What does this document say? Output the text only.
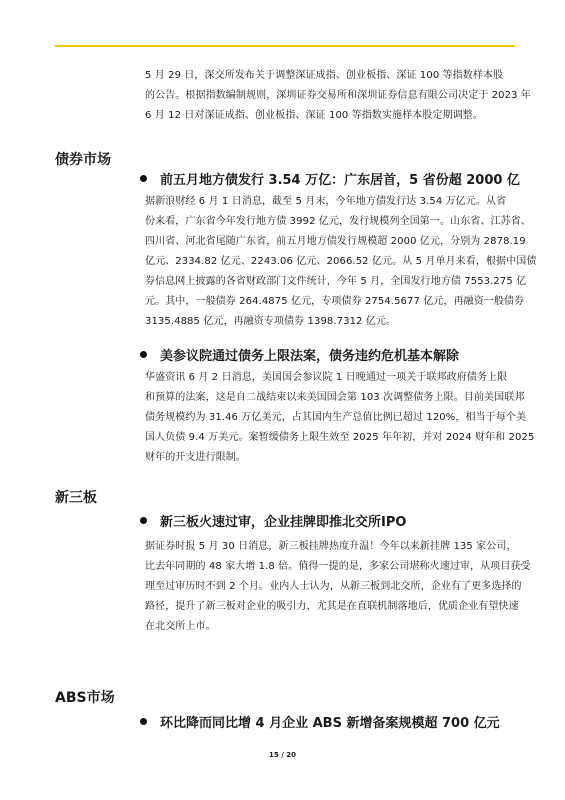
5 月 29 日，深交所发布关于调整深证成指、创业板指、深证 100 等指数样本股
的公告。根据指数编制规则，深圳证券交易所和深圳证券信息有限公司决定于 2023 年
6 月 12 日对深证成指、创业板指、深证 100 等指数实施样本股定期调整。

债券市场
前五月地方债发行 3.54 万亿：广东居首，5 省份超 2000 亿

据新浪财经 6 月 1 日消息，截至 5 月末，今年地方债发行达 3.54 万亿元。从省
份来看，广东省今年发行地方债 3992 亿元，发行规模列全国第一。山东省、江苏省、
四川省、河北省尾随广东省，前五月地方债发行规模超 2000 亿元，分别为 2878.19
亿元、2334.82 亿元、2243.06 亿元、2066.52 亿元。从 5 月单月来看，根据中国债
券信息网上披露的各省财政部门文件统计，今年 5 月，全国发行地方债 7553.275 亿
元。其中，一般债券 264.4875 亿元，专项债券 2754.5677 亿元，再融资一般债券
3135.4885 亿元，再融资专项债券 1398.7312 亿元。

美参议院通过债务上限法案，债务违约危机基本解除

华盛资讯 6 月 2 日消息，美国国会参议院 1 日晚通过一项关于联邦政府债务上限
和预算的法案，这是自二战结束以来美国国会第 103 次调整债务上限。目前美国联邦
债务规模约为 31.46 万亿美元，占其国内生产总值比例已超过 120%，相当于每个美
国人负债 9.4 万美元。案暂缓债务上限生效至 2025 年年初，并对 2024 财年和 2025
财年的开支进行限制。

新三板
新三板火速过审，企业挂牌即推北交所IPO

据证券时报 5 月 30 日消息，新三板挂牌热度升温！今年以来新挂牌 135 家公司，
比去年同期的 48 家大增 1.8 倍。值得一提的是，多家公司堪称火速过审，从项目获受
理至过审历时不到 2 个月。业内人士认为，从新三板到北交所，企业有了更多选择的
路径，提升了新三板对企业的吸引力，尤其是在直联机制落地后，优质企业有望快速
在北交所上市。

ABS市场
环比降而同比增 4 月企业 ABS 新增备案规模超 700 亿元

15 / 20
